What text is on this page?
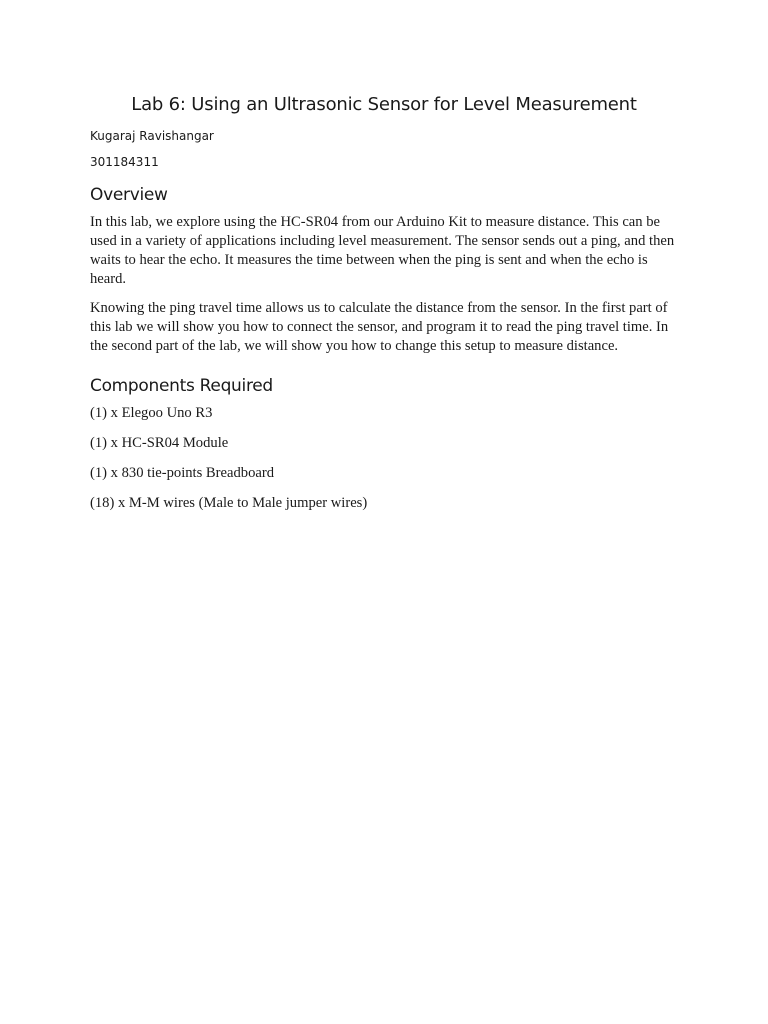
Lab 6: Using an Ultrasonic Sensor for Level Measurement

Kugaraj Ravishangar

301184311

Overview

In this lab, we explore using the HC-SR04 from our Arduino Kit to measure distance. This can be used in a variety of applications including level measurement. The sensor sends out a ping, and then waits to hear the echo. It measures the time between when the ping is sent and when the echo is heard.

Knowing the ping travel time allows us to calculate the distance from the sensor. In the first part of this lab we will show you how to connect the sensor, and program it to read the ping travel time. In the second part of the lab, we will show you how to change this setup to measure distance.

Components Required

(1) x Elegoo Uno R3

(1) x HC-SR04 Module

(1) x 830 tie-points Breadboard

(18) x M-M wires (Male to Male jumper wires)
